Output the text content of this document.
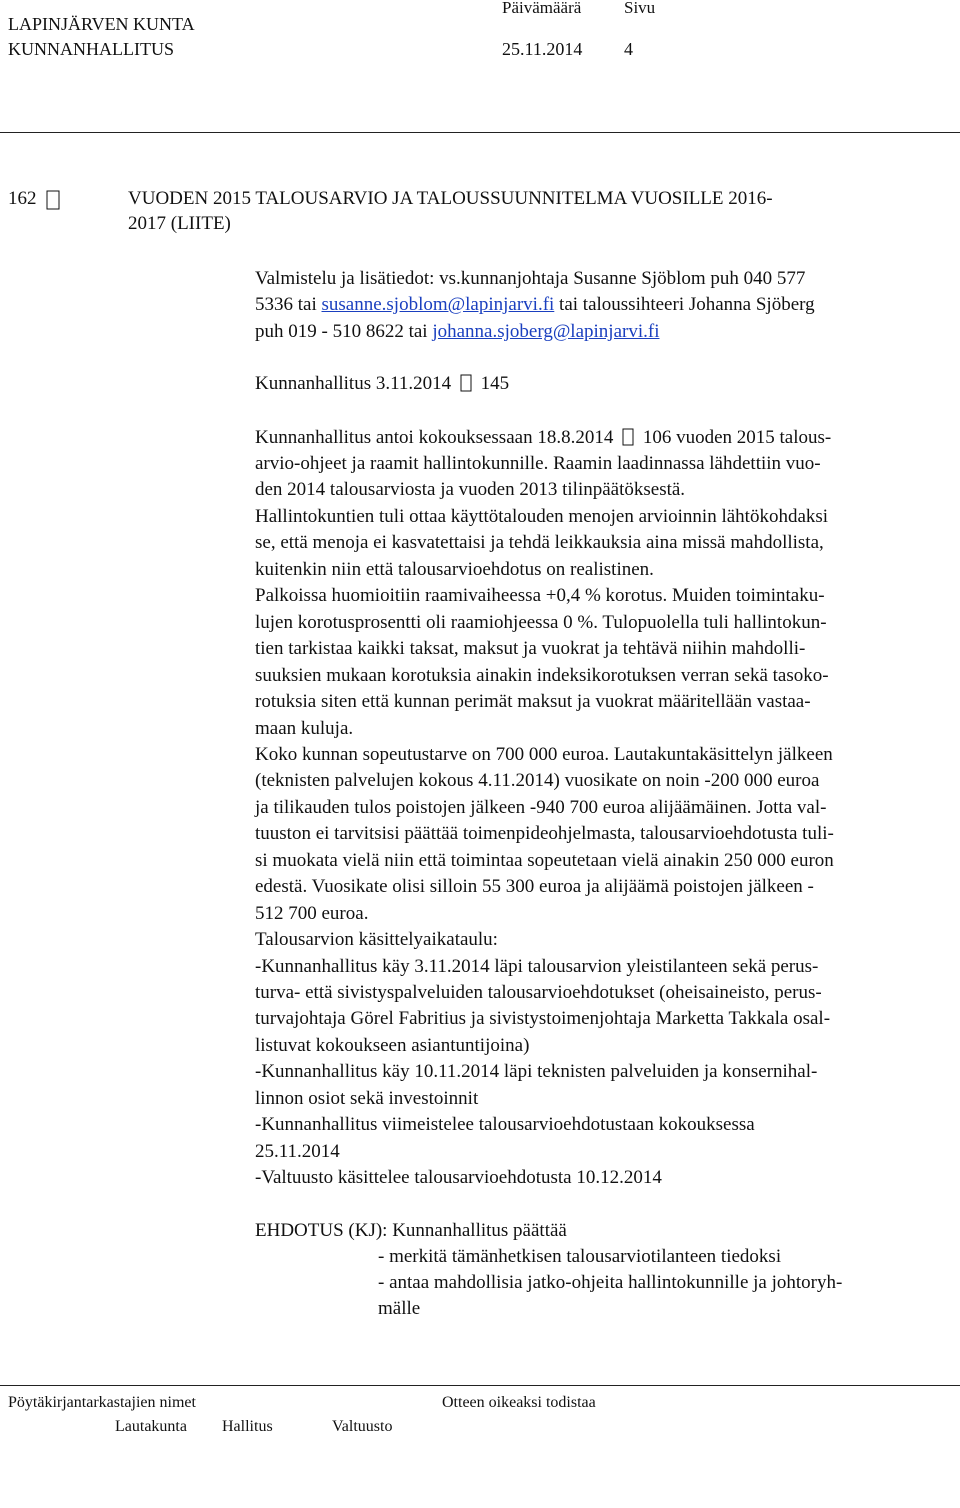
LAPINJÄRVEN KUNTA
KUNNANHALLITUS
Päivämäärä	Sivu
25.11.2014 4
162	VUODEN 2015 TALOUSARVIO JA TALOUSSUUNNITELMA VUOSILLE 2016-
2017 (LIITE)
Valmistelu ja lisätiedot: vs.kunnanjohtaja Susanne Sjöblom puh 040 577
5336 tai susanne.sjoblom@lapinjarvi.fi tai taloussihteeri Johanna Sjöberg
puh 019 - 510 8622 tai johanna.sjoberg@lapinjarvi.fi
Kunnanhallitus 3.11.2014 145
Kunnanhallitus antoi kokouksessaan 18.8.2014 106 vuoden 2015 talous-
arvio-ohjeet ja raamit hallintokunnille. Raamin laadinnassa lähdettiin vuo-
den 2014 talousarviosta ja vuoden 2013 tilinpäätöksestä.
Hallintokuntien tuli ottaa käyttötalouden menojen arvioinnin lähtökohdaksi
se, että menoja ei kasvatettaisi ja tehdä leikkauksia aina missä mahdollista,
kuitenkin niin että talousarvioehdotus on realistinen.
Palkoissa huomioitiin raamivaiheessa +0,4 % korotus. Muiden toimintaku-
lujen korotusprosentti oli raamiohjeessa 0 %. Tulopuolella tuli hallintokun-
tien tarkistaa kaikki taksat, maksut ja vuokrat ja tehtävä niihin mahdolli-
suuksien mukaan korotuksia ainakin indeksikorotuksen verran sekä tasoko-
rotuksia siten että kunnan perimät maksut ja vuokrat määritellään vastaa-
maan kuluja.
Koko kunnan sopeutustarve on 700 000 euroa. Lautakuntakäsittelyn jälkeen
(teknisten palvelujen kokous 4.11.2014) vuosikate on noin -200 000 euroa
ja tilikauden tulos poistojen jälkeen -940 700 euroa alijäämäinen. Jotta val-
tuuston ei tarvitsisi päättää toimenpideohjelmasta, talousarvioehdotusta tuli-
si muokata vielä niin että toimintaa sopeutetaan vielä ainakin 250 000 euron
edestä. Vuosikate olisi silloin 55 300 euroa ja alijäämä poistojen jälkeen -
512 700 euroa.
Talousarvion käsittelyaikataulu:
-Kunnanhallitus käy 3.11.2014 läpi talousarvion yleistilanteen sekä perus-
turva- että sivistyspalveluiden talousarvioehdotukset (oheisaineisto, perus-
turvajohtaja Görel Fabritius ja sivistystoimenjohtaja Marketta Takkala osal-
listuvat kokoukseen asiantuntijoina)
-Kunnanhallitus käy 10.11.2014 läpi teknisten palveluiden ja konsernihal-
linnon osiot sekä investoinnit
-Kunnanhallitus viimeistelee talousarvioehdotustaan kokouksessa
25.11.2014
-Valtuusto käsittelee talousarvioehdotusta 10.12.2014
EHDOTUS (KJ): Kunnanhallitus päättää
- merkitä tämänhetkisen talousarviotilanteen tiedoksi
- antaa mahdollisia jatko-ohjeita hallintokunnille ja johtoryh-
mälle
Pöytäkirjantarkastajien nimet	Otteen oikeaksi todistaa
Lautakunta Hallitus	Valtuusto
